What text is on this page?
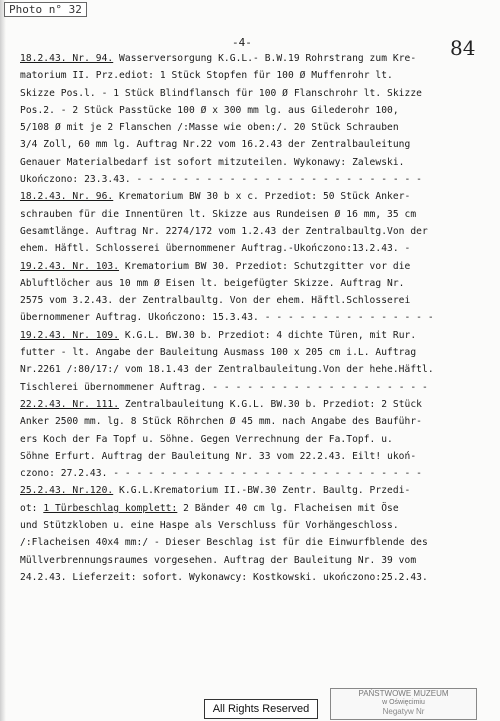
Photo n° 32
-4-	84
18.2.43. Nr. 94. Wasserversorgung K.G.L.- B.W.19 Rohrstrang zum Kre-
matorium II. Prz.ediot: 1 Stück Stopfen für 100 Ø Muffenrohr lt.
Skizze Pos.l. - 1 Stück Blindflansch für 100 Ø Flanschrohr lt. Skizze
Pos.2. - 2 Stück Passtücke 100 Ø x 300 mm lg. aus Gilederohr 100,
5/108 Ø mit je 2 Flanschen /:Masse wie oben:/. 20 Stück Schrauben
3/4 Zoll, 60 mm lg. Auftrag Nr.22 vom 16.2.43 der Zentralbauleitung
Genauer Materialbedarf ist sofort mitzuteilen. Wykonawy: Zalewski.
Ukończono: 23.3.43. - - - - - - - - - - - - - - - - - - - - - - - - -
18.2.43. Nr. 96. Krematorium BW 30 b x c. Przediot: 50 Stück Anker-
schrauben für die Innentüren lt. Skizze aus Rundeisen Ø 16 mm, 35 cm
Gesamtlänge. Auftrag Nr. 2274/172 vom 1.2.43 der Zentralbaultg.Von der
ehem. Häftl. Schlosserei übernommener Auftrag.-Ukończono:13.2.43. -
19.2.43. Nr. 103. Krematorium BW 30. Przediot: Schutzgitter vor die
Abluftlöcher aus 10 mm Ø Eisen lt. beigefügter Skizze. Auftrag Nr.
2575 vom 3.2.43. der Zentralbaultg. Von der ehem. Häftl.Schlosserei
übernommener Auftrag. Ukończono: 15.3.43. - - - - - - - - - - - - - - -
19.2.43. Nr. 109. K.G.L. BW.30 b. Przediot: 4 dichte Türen, mit Rur.
futter - lt. Angabe der Bauleitung Ausmass 100 x 205 cm i.L. Auftrag
Nr.2261 /:80/17:/ vom 18.1.43 der Zentralbauleitung.Von der hehe.Häftl.
Tischlerei übernommener Auftrag. - - - - - - - - - - - - - - - - - - -
22.2.43. Nr. 111. Zentralbauleitung K.G.L. BW.30 b. Przediot: 2 Stück
Anker 2500 mm. lg. 8 Stück Röhrchen Ø 45 mm. nach Angabe des Bauführ-
ers Koch der Fa Topf u. Söhne. Gegen Verrechnung der Fa.Topf. u.
Söhne Erfurt. Auftrag der Bauleitung Nr. 33 vom 22.2.43. Eilt! ukoń-
czono: 27.2.43. - - - - - - - - - - - - - - - - - - - - - - - - - - -
25.2.43. Nr.120. K.G.L.Krematorium II.-BW.30 Zentr. Baultg. Przedi-
ot: 1 Türbeschlag komplett: 2 Bänder 40 cm lg. Flacheisen mit Öse
und Stützkloben u. eine Haspe als Verschluss für Vorhängeschloss.
/:Flacheisen 40x4 mm:/ - Dieser Beschlag ist für die Einwurfblende des
Müllverbrennungsraumes vorgesehen. Auftrag der Bauleitung Nr. 39 vom
24.2.43. Lieferzeit: sofort. Wykonawcy: Kostkowski. ukończono:25.2.43.
All Rights Reserved
PAŃSTWOWE MUZEUM
w Oświęcimiu
Negatyw Nr
